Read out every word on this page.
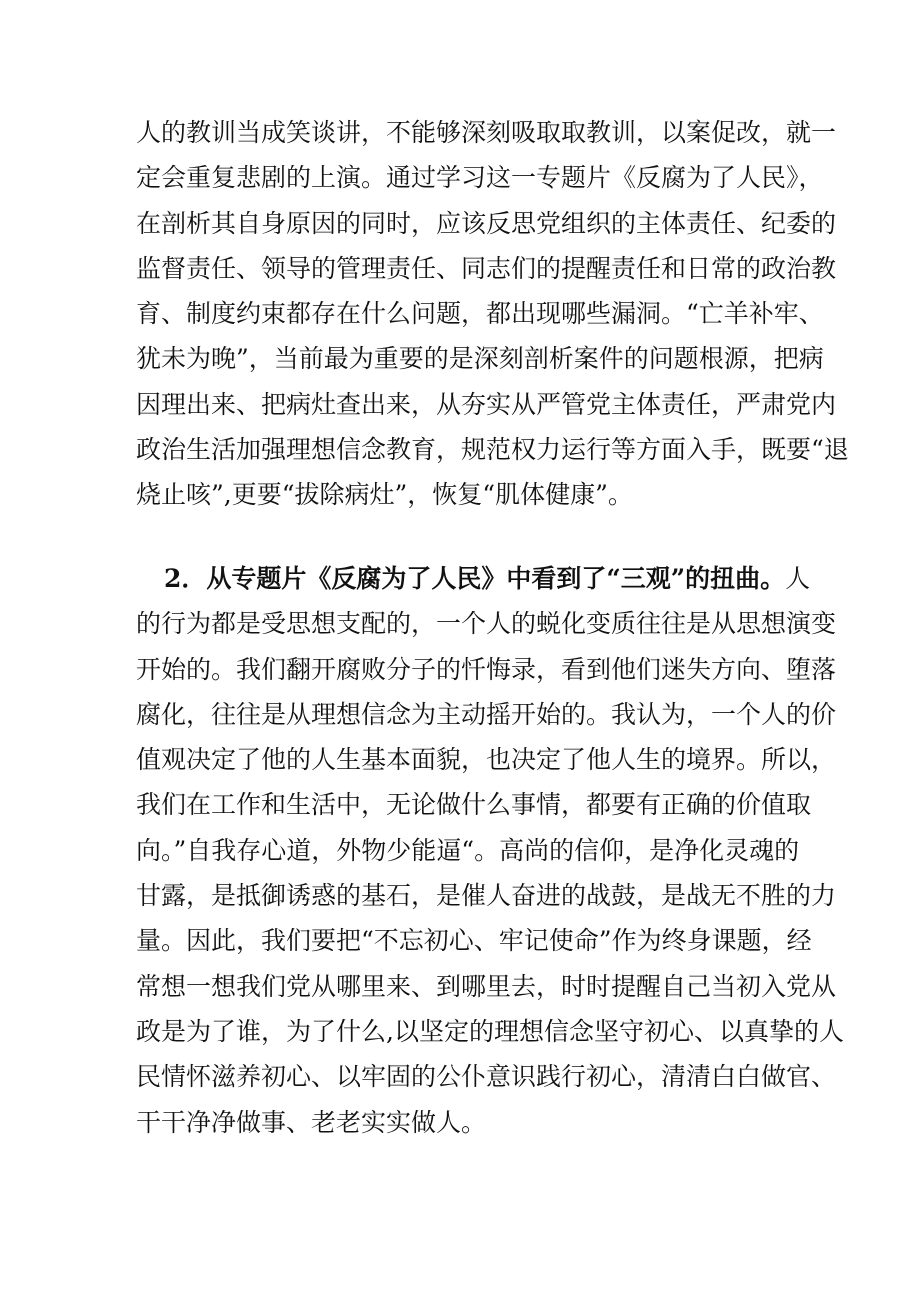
人的教训当成笑谈讲，不能够深刻吸取取教训，以案促改，就一
定会重复悲剧的上演。通过学习这一专题片《反腐为了人民》，
在剖析其自身原因的同时，应该反思党组织的主体责任、纪委的
监督责任、领导的管理责任、同志们的提醒责任和日常的政治教
育、制度约束都存在什么问题，都出现哪些漏洞。“亡羊补牢、
犹未为晚”，当前最为重要的是深刻剖析案件的问题根源，把病
因理出来、把病灶查出来，从夯实从严管党主体责任，严肃党内
政治生活加强理想信念教育，规范权力运行等方面入手，既要“退
烧止咳”,更要“拔除病灶”，恢复“肌体健康”。
2．从专题片《反腐为了人民》中看到了“三观”的扭曲。人
的行为都是受思想支配的，一个人的蜕化变质往往是从思想演变
开始的。我们翻开腐败分子的忏悔录，看到他们迷失方向、堕落
腐化，往往是从理想信念为主动摇开始的。我认为，一个人的价
值观决定了他的人生基本面貌，也决定了他人生的境界。所以，
我们在工作和生活中，无论做什么事情，都要有正确的价值取
向。”自我存心道，外物少能逼“。高尚的信仰，是净化灵魂的
甘露，是抵御诱惑的基石，是催人奋进的战鼓，是战无不胜的力
量。因此，我们要把“不忘初心、牢记使命”作为终身课题，经
常想一想我们党从哪里来、到哪里去，时时提醒自己当初入党从
政是为了谁，为了什么,以坚定的理想信念坚守初心、以真挚的人
民情怀滋养初心、以牢固的公仆意识践行初心，清清白白做官、
干干净净做事、老老实实做人。
